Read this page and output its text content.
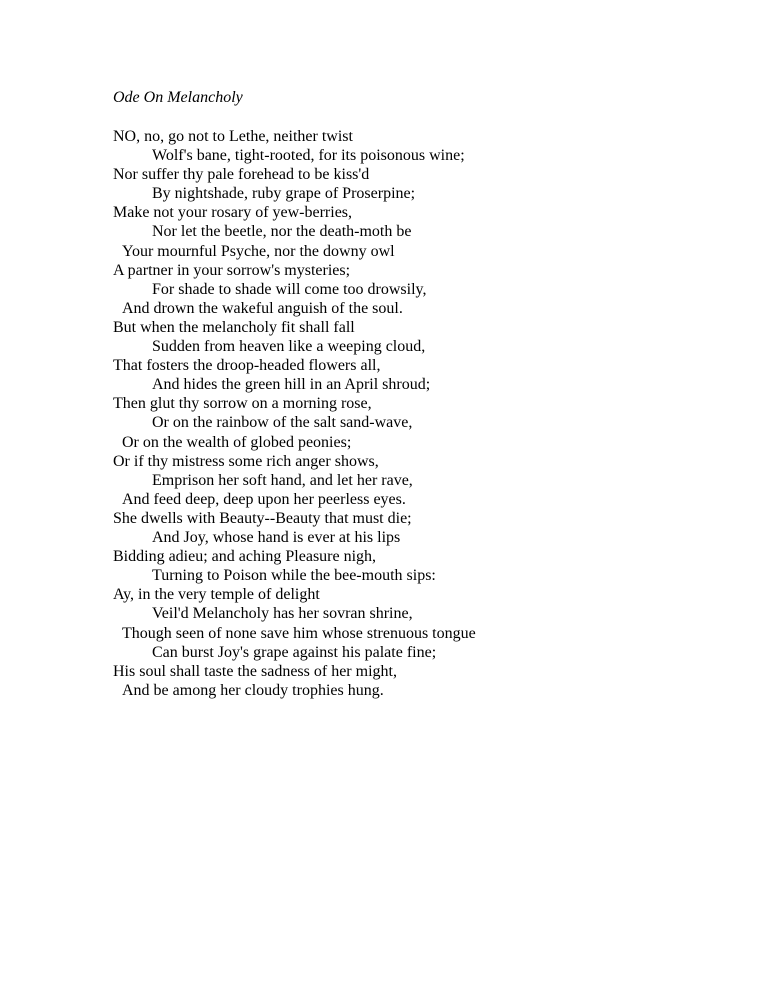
Ode On Melancholy
NO, no, go not to Lethe, neither twist
Wolf's bane, tight-rooted, for its poisonous wine;
Nor suffer thy pale forehead to be kiss'd
By nightshade, ruby grape of Proserpine;
Make not your rosary of yew-berries,
Nor let the beetle, nor the death-moth be
Your mournful Psyche, nor the downy owl
A partner in your sorrow's mysteries;
For shade to shade will come too drowsily,
And drown the wakeful anguish of the soul.
But when the melancholy fit shall fall
Sudden from heaven like a weeping cloud,
That fosters the droop-headed flowers all,
And hides the green hill in an April shroud;
Then glut thy sorrow on a morning rose,
Or on the rainbow of the salt sand-wave,
Or on the wealth of globed peonies;
Or if thy mistress some rich anger shows,
Emprison her soft hand, and let her rave,
And feed deep, deep upon her peerless eyes.
She dwells with Beauty--Beauty that must die;
And Joy, whose hand is ever at his lips
Bidding adieu; and aching Pleasure nigh,
Turning to Poison while the bee-mouth sips:
Ay, in the very temple of delight
Veil'd Melancholy has her sovran shrine,
Though seen of none save him whose strenuous tongue
Can burst Joy's grape against his palate fine;
His soul shall taste the sadness of her might,
And be among her cloudy trophies hung.
